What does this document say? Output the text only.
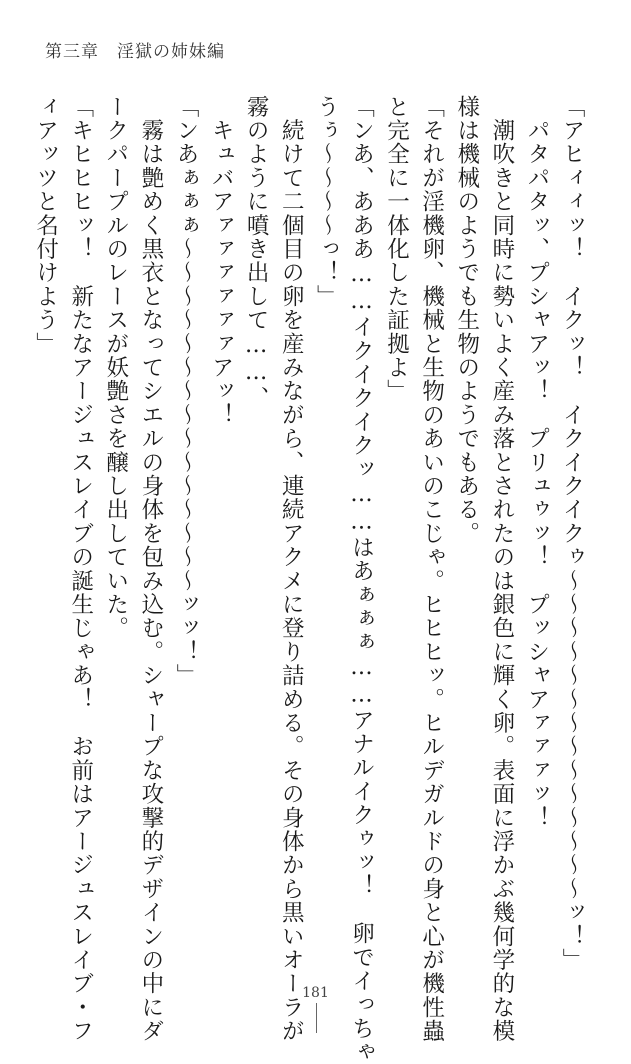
第三章　淫獄の姉妹編
「アヒィィッ！　イクッ！　イクイクイクゥ～～～～～～～～～～～～～～ッ！」
　パタパタッ、プシャアッ！　プリュゥッ！　プッシャアァァァッ！
　潮吹きと同時に勢いよく産み落とされたのは銀色に輝く卵。表面に浮かぶ幾何学的な模
様は機械のようでも生物のようでもある。
「それが淫機卵、機械と生物のあいのこじゃ。ヒヒヒッ。ヒルデガルドの身と心が機性蟲
と完全に一体化した証拠よ」
「ンあ、あああ……イクイクイクッ……はあぁぁぁ……アナルイクゥッ！　卵でイっちゃ
うぅ～～～～っ！」
　続けて二個目の卵を産みながら、連続アクメに登り詰める。その身体から黒いオーラが
霧のように噴き出して……、
　キュバアァァァァァァアッ！
「ンあぁぁぁ～～～～～～～～～～～～～～～ッッ！」
　霧は艶めく黒衣となってシエルの身体を包み込む。シャープな攻撃的デザインの中にダ
ークパープルのレースが妖艶さを醸し出していた。
「キヒヒヒッ！　新たなアージュスレイブの誕生じゃあ！　お前はアージュスレイブ・フ
ィアッツと名付けよう」
181
